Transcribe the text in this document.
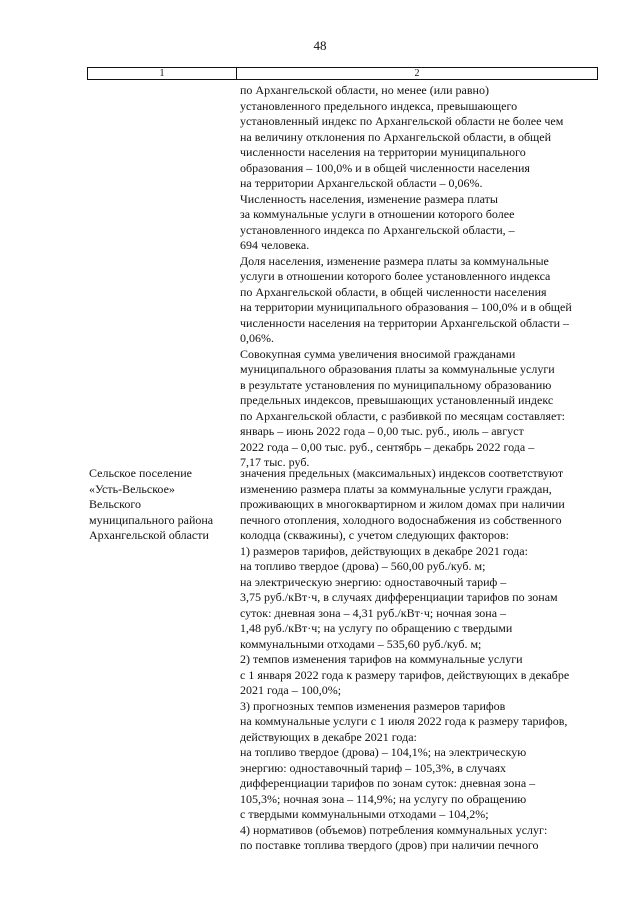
48
1	2
по Архангельской области, но менее (или равно)
установленного предельного индекса, превышающего
установленный индекс по Архангельской области не более чем
на величину отклонения по Архангельской области, в общей
численности населения на территории муниципального
образования – 100,0% и в общей численности населения
на территории Архангельской области – 0,06%.
Численность населения, изменение размера платы
за коммунальные услуги в отношении которого более
установленного индекса по Архангельской области, –
694 человека.
Доля населения, изменение размера платы за коммунальные
услуги в отношении которого более установленного индекса
по Архангельской области, в общей численности населения
на территории муниципального образования – 100,0% и в общей
численности населения на территории Архангельской области –
0,06%.
Совокупная сумма увеличения вносимой гражданами
муниципального образования платы за коммунальные услуги
в результате установления по муниципальному образованию
предельных индексов, превышающих установленный индекс
по Архангельской области, с разбивкой по месяцам составляет:
январь – июнь 2022 года – 0,00 тыс. руб., июль – август
2022 года – 0,00 тыс. руб., сентябрь – декабрь 2022 года –
7,17 тыс. руб.
Сельское поселение
«Усть-Вельское»
Вельского
муниципального района
Архангельской области
значения предельных (максимальных) индексов соответствуют
изменению размера платы за коммунальные услуги граждан,
проживающих в многоквартирном и жилом домах при наличии
печного отопления, холодного водоснабжения из собственного
колодца (скважины), с учетом следующих факторов:
1) размеров тарифов, действующих в декабре 2021 года:
на топливо твердое (дрова) – 560,00 руб./куб. м;
на электрическую энергию: одноставочный тариф –
3,75 руб./кВт·ч, в случаях дифференциации тарифов по зонам
суток: дневная зона – 4,31 руб./кВт·ч; ночная зона –
1,48 руб./кВт·ч; на услугу по обращению с твердыми
коммунальными отходами – 535,60 руб./куб. м;
2) темпов изменения тарифов на коммунальные услуги
с 1 января 2022 года к размеру тарифов, действующих в декабре
2021 года – 100,0%;
3) прогнозных темпов изменения размеров тарифов
на коммунальные услуги с 1 июля 2022 года к размеру тарифов,
действующих в декабре 2021 года:
на топливо твердое (дрова) – 104,1%; на электрическую
энергию: одноставочный тариф – 105,3%, в случаях
дифференциации тарифов по зонам суток: дневная зона –
105,3%; ночная зона – 114,9%; на услугу по обращению
с твердыми коммунальными отходами – 104,2%;
4) нормативов (объемов) потребления коммунальных услуг:
по поставке топлива твердого (дров) при наличии печного
